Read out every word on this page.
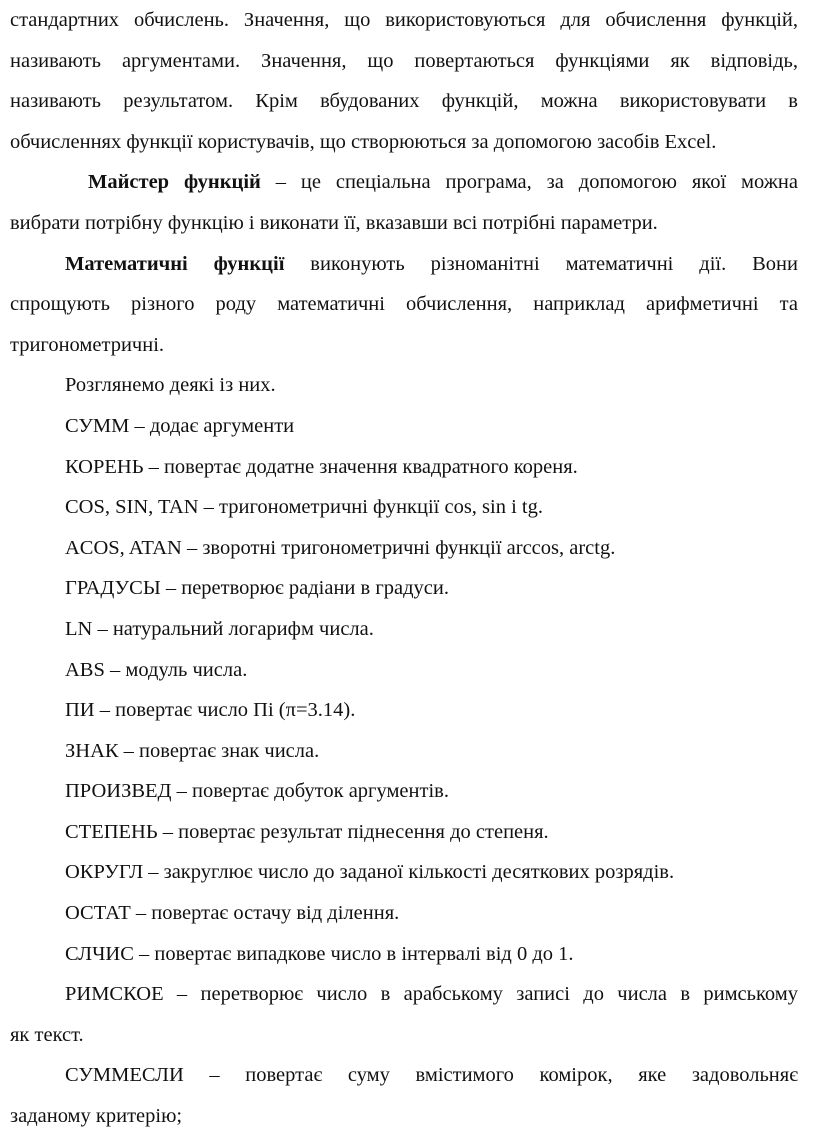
стандартних обчислень. Значення, що використовуються для обчислення функцій,
називають аргументами. Значення, що повертаються функціями як відповідь,
називають результатом. Крім вбудованих функцій, можна використовувати в
обчисленнях функції користувачів, що створюються за допомогою засобів Excel.
Майстер функцій – це спеціальна програма, за допомогою якої можна
вибрати потрібну функцію і виконати її, вказавши всі потрібні параметри.
Математичні функції виконують різноманітні математичні дії. Вони
спрощують різного роду математичні обчислення, наприклад арифметичні та
тригонометричні.

Розглянемо деякі із них.

СУММ – додає аргументи

КОРЕНЬ – повертає додатне значення квадратного кореня.

COS, SIN, TAN – тригонометричні функції cos, sin і tg.

ACOS, ATAN – зворотні тригонометричні функції arccos, arctg.

ГРАДУСЫ – перетворює радіани в градуси.

LN – натуральний логарифм числа.

ABS – модуль числа.

ПИ – повертає число Пі (π=3.14).

ЗНАК – повертає знак числа.

ПРОИЗВЕД – повертає добуток аргументів.

СТЕПЕНЬ – повертає результат піднесення до степеня.

ОКРУГЛ – закруглює число до заданої кількості десяткових розрядів.

ОСТАТ – повертає остачу від ділення.

СЛЧИС – повертає випадкове число в інтервалі від 0 до 1.

РИМСКОЕ – перетворює число в арабському записі до числа в римському
як текст.
СУММЕСЛИ – повертає суму вмістимого комірок, яке задовольняє
заданому критерію;
